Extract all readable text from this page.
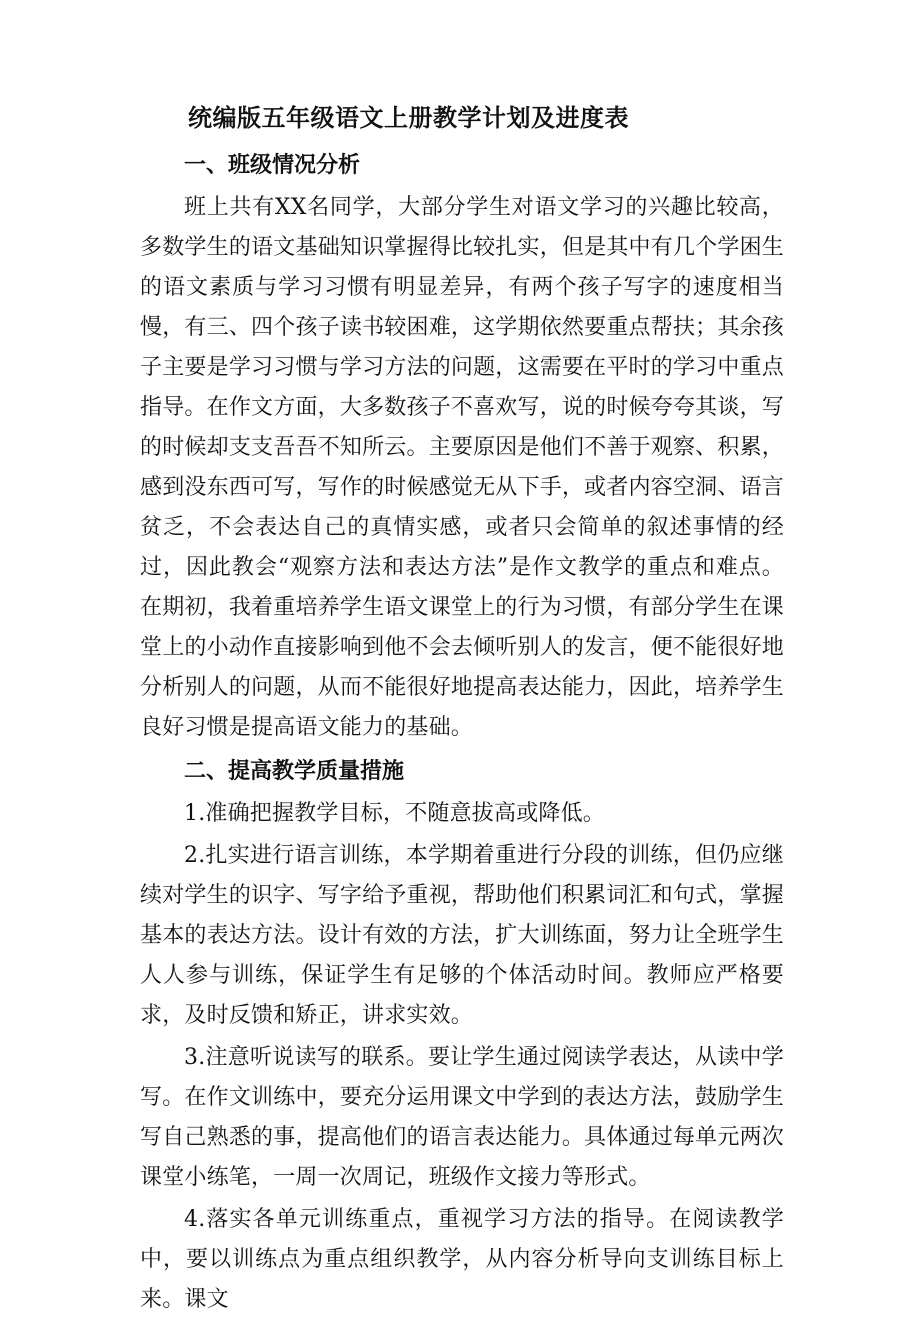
统编版五年级语文上册教学计划及进度表
一、班级情况分析

班上共有XX名同学，大部分学生对语文学习的兴趣比较高，多数学生的语文基础知识掌握得比较扎实，但是其中有几个学困生的语文素质与学习习惯有明显差异，有两个孩子写字的速度相当慢，有三、四个孩子读书较困难，这学期依然要重点帮扶；其余孩子主要是学习习惯与学习方法的问题，这需要在平时的学习中重点指导。在作文方面，大多数孩子不喜欢写，说的时候夸夸其谈，写的时候却支支吾吾不知所云。主要原因是他们不善于观察、积累，感到没东西可写，写作的时候感觉无从下手，或者内容空洞、语言贫乏，不会表达自己的真情实感，或者只会简单的叙述事情的经过，因此教会“观察方法和表达方法”是作文教学的重点和难点。在期初，我着重培养学生语文课堂上的行为习惯，有部分学生在课堂上的小动作直接影响到他不会去倾听别人的发言，便不能很好地分析别人的问题，从而不能很好地提高表达能力，因此，培养学生良好习惯是提高语文能力的基础。

二、提高教学质量措施

1.准确把握教学目标，不随意拔高或降低。

2.扎实进行语言训练，本学期着重进行分段的训练，但仍应继续对学生的识字、写字给予重视，帮助他们积累词汇和句式，掌握基本的表达方法。设计有效的方法，扩大训练面，努力让全班学生人人参与训练，保证学生有足够的个体活动时间。教师应严格要求，及时反馈和矫正，讲求实效。

3.注意听说读写的联系。要让学生通过阅读学表达，从读中学写。在作文训练中，要充分运用课文中学到的表达方法，鼓励学生写自己熟悉的事，提高他们的语言表达能力。具体通过每单元两次课堂小练笔，一周一次周记，班级作文接力等形式。

4.落实各单元训练重点，重视学习方法的指导。在阅读教学中，要以训练点为重点组织教学，从内容分析导向支训练目标上来。课文
